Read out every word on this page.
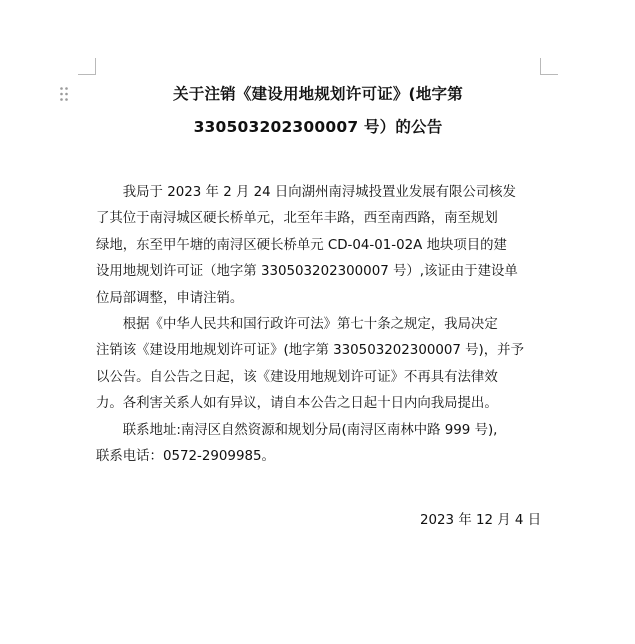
关于注销《建设用地规划许可证》(地字第
330503202300007 号）的公告
　　我局于 2023 年 2 月 24 日向湖州南浔城投置业发展有限公司核发
了其位于南浔城区硬长桥单元，北至年丰路，西至南西路，南至规划
绿地，东至甲午塘的南浔区硬长桥单元 CD-04-01-02A 地块项目的建
设用地规划许可证（地字第 330503202300007 号）,该证由于建设单
位局部调整，申请注销。
　　根据《中华人民共和国行政许可法》第七十条之规定，我局决定
注销该《建设用地规划许可证》(地字第 330503202300007 号)，并予
以公告。自公告之日起，该《建设用地规划许可证》不再具有法律效
力。各利害关系人如有异议，请自本公告之日起十日内向我局提出。
　　联系地址:南浔区自然资源和规划分局(南浔区南林中路 999 号),
联系电话：0572-2909985。
2023 年 12 月 4 日
